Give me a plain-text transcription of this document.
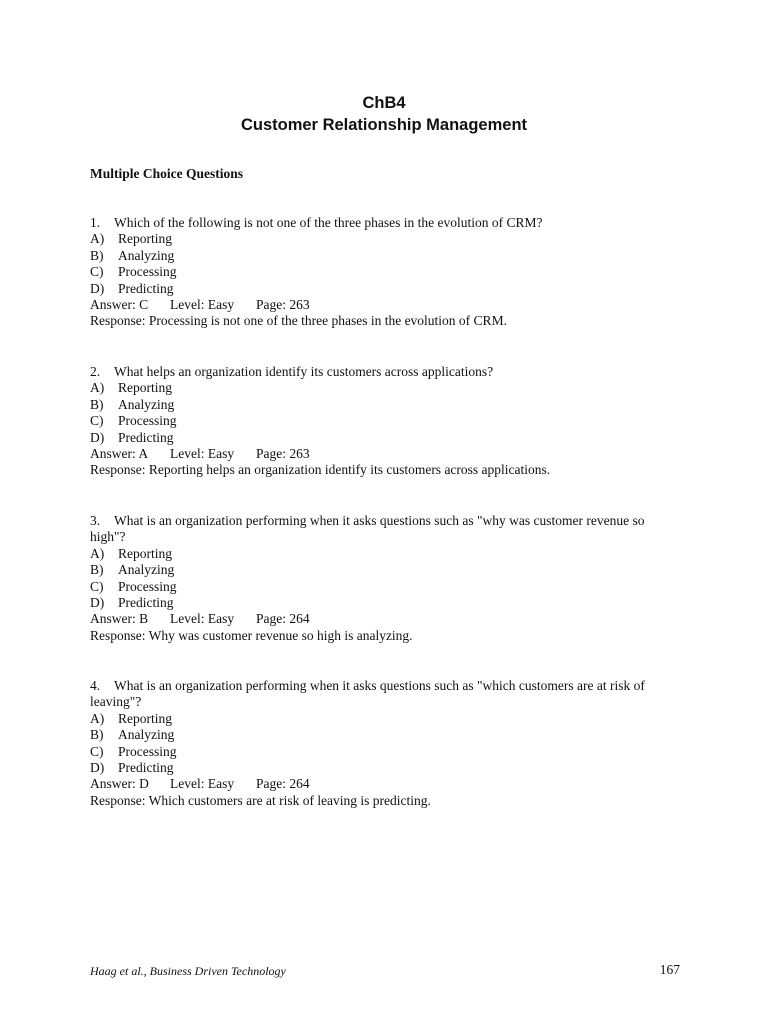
ChB4
Customer Relationship Management
Multiple Choice Questions
1. Which of the following is not one of the three phases in the evolution of CRM?
A) Reporting
B) Analyzing
C) Processing
D) Predicting
Answer: C Level: Easy Page: 263
Response: Processing is not one of the three phases in the evolution of CRM.
2. What helps an organization identify its customers across applications?
A) Reporting
B) Analyzing
C) Processing
D) Predicting
Answer: A Level: Easy Page: 263
Response: Reporting helps an organization identify its customers across applications.
3. What is an organization performing when it asks questions such as "why was customer revenue so high"?
A) Reporting
B) Analyzing
C) Processing
D) Predicting
Answer: B Level: Easy Page: 264
Response: Why was customer revenue so high is analyzing.
4. What is an organization performing when it asks questions such as "which customers are at risk of leaving"?
A) Reporting
B) Analyzing
C) Processing
D) Predicting
Answer: D Level: Easy Page: 264
Response: Which customers are at risk of leaving is predicting.
Haag et al., Business Driven Technology	167
